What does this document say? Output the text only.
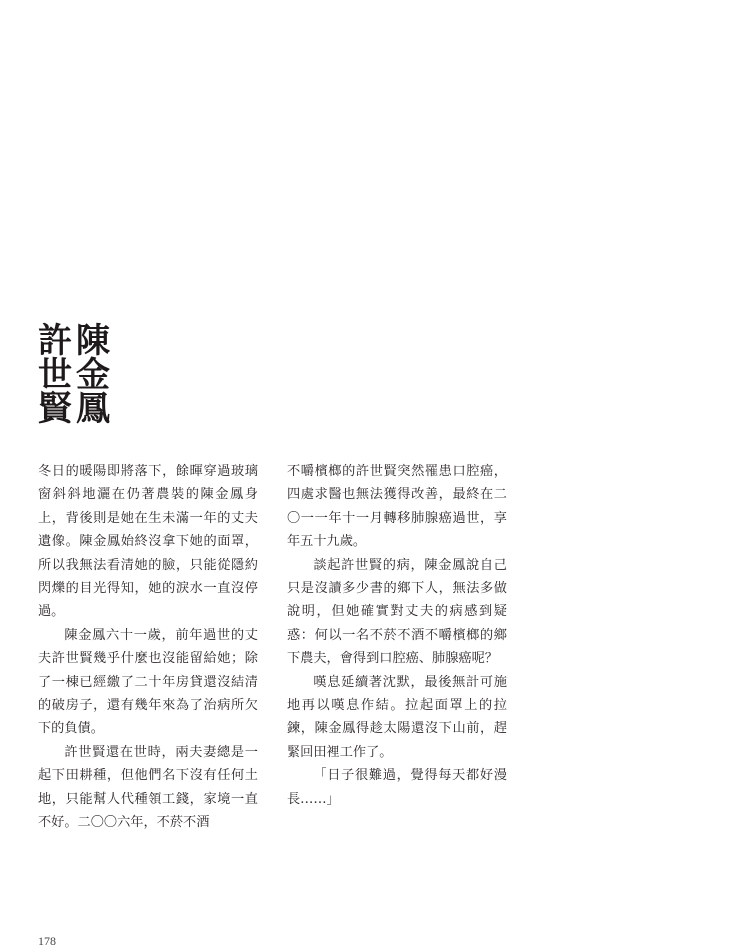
陳
金
鳳
許
世
賢

冬日的暖陽即將落下，餘暉穿過玻璃窗斜斜地灑在仍著農裝的陳金鳳身上，背後則是她在生未滿一年的丈夫遺像。陳金鳳始終沒拿下她的面罩，所以我無法看清她的臉，只能從隱約閃爍的目光得知，她的淚水一直沒停過。

陳金鳳六十一歲，前年過世的丈夫許世賢幾乎什麼也沒能留給她；除了一棟已經繳了二十年房貸還沒結清的破房子，還有幾年來為了治病所欠下的負債。

許世賢還在世時，兩夫妻總是一起下田耕種，但他們名下沒有任何土地，只能幫人代種領工錢，家境一直不好。二〇〇六年，不菸不酒

不嚼檳榔的許世賢突然罹患口腔癌，四處求醫也無法獲得改善，最終在二〇一一年十一月轉移肺腺癌過世，享年五十九歲。

談起許世賢的病，陳金鳳說自己只是沒讀多少書的鄉下人，無法多做說明，但她確實對丈夫的病感到疑惑：何以一名不菸不酒不嚼檳榔的鄉下農夫，會得到口腔癌、肺腺癌呢？

嘆息延續著沈默，最後無計可施地再以嘆息作結。拉起面罩上的拉鍊，陳金鳳得趁太陽還沒下山前，趕緊回田裡工作了。

「日子很難過，覺得每天都好漫長……」

178
